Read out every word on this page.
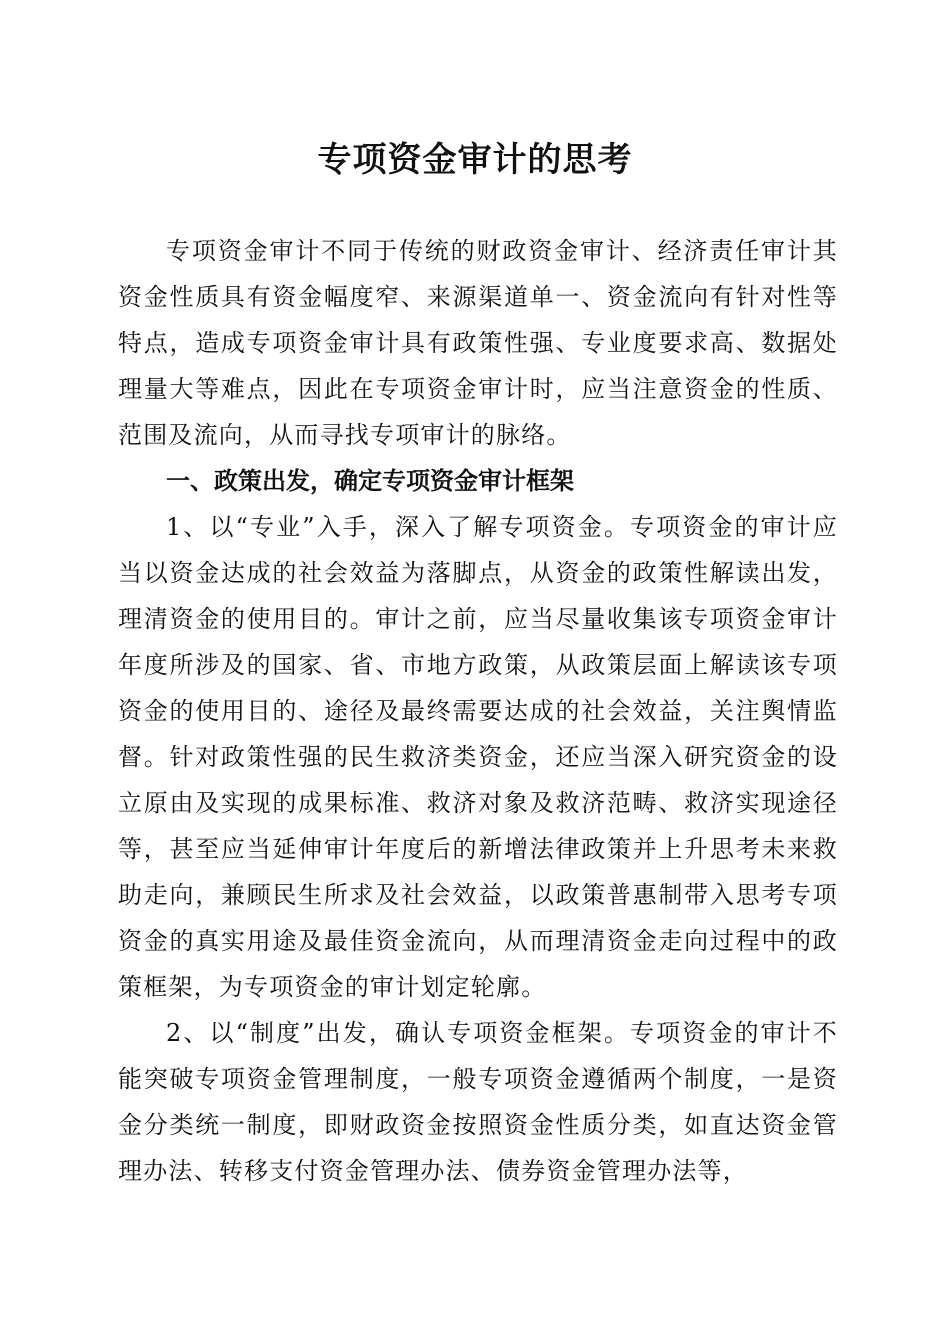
专项资金审计的思考

专项资金审计不同于传统的财政资金审计、经济责任审计其资金性质具有资金幅度窄、来源渠道单一、资金流向有针对性等特点，造成专项资金审计具有政策性强、专业度要求高、数据处理量大等难点，因此在专项资金审计时，应当注意资金的性质、范围及流向，从而寻找专项审计的脉络。

一、政策出发，确定专项资金审计框架

1、以“专业”入手，深入了解专项资金。专项资金的审计应当以资金达成的社会效益为落脚点，从资金的政策性解读出发，理清资金的使用目的。审计之前，应当尽量收集该专项资金审计年度所涉及的国家、省、市地方政策，从政策层面上解读该专项资金的使用目的、途径及最终需要达成的社会效益，关注舆情监督。针对政策性强的民生救济类资金，还应当深入研究资金的设立原由及实现的成果标准、救济对象及救济范畴、救济实现途径等，甚至应当延伸审计年度后的新增法律政策并上升思考未来救助走向，兼顾民生所求及社会效益，以政策普惠制带入思考专项资金的真实用途及最佳资金流向，从而理清资金走向过程中的政策框架，为专项资金的审计划定轮廓。

2、以“制度”出发，确认专项资金框架。专项资金的审计不能突破专项资金管理制度，一般专项资金遵循两个制度，一是资金分类统一制度，即财政资金按照资金性质分类，如直达资金管理办法、转移支付资金管理办法、债券资金管理办法等，
